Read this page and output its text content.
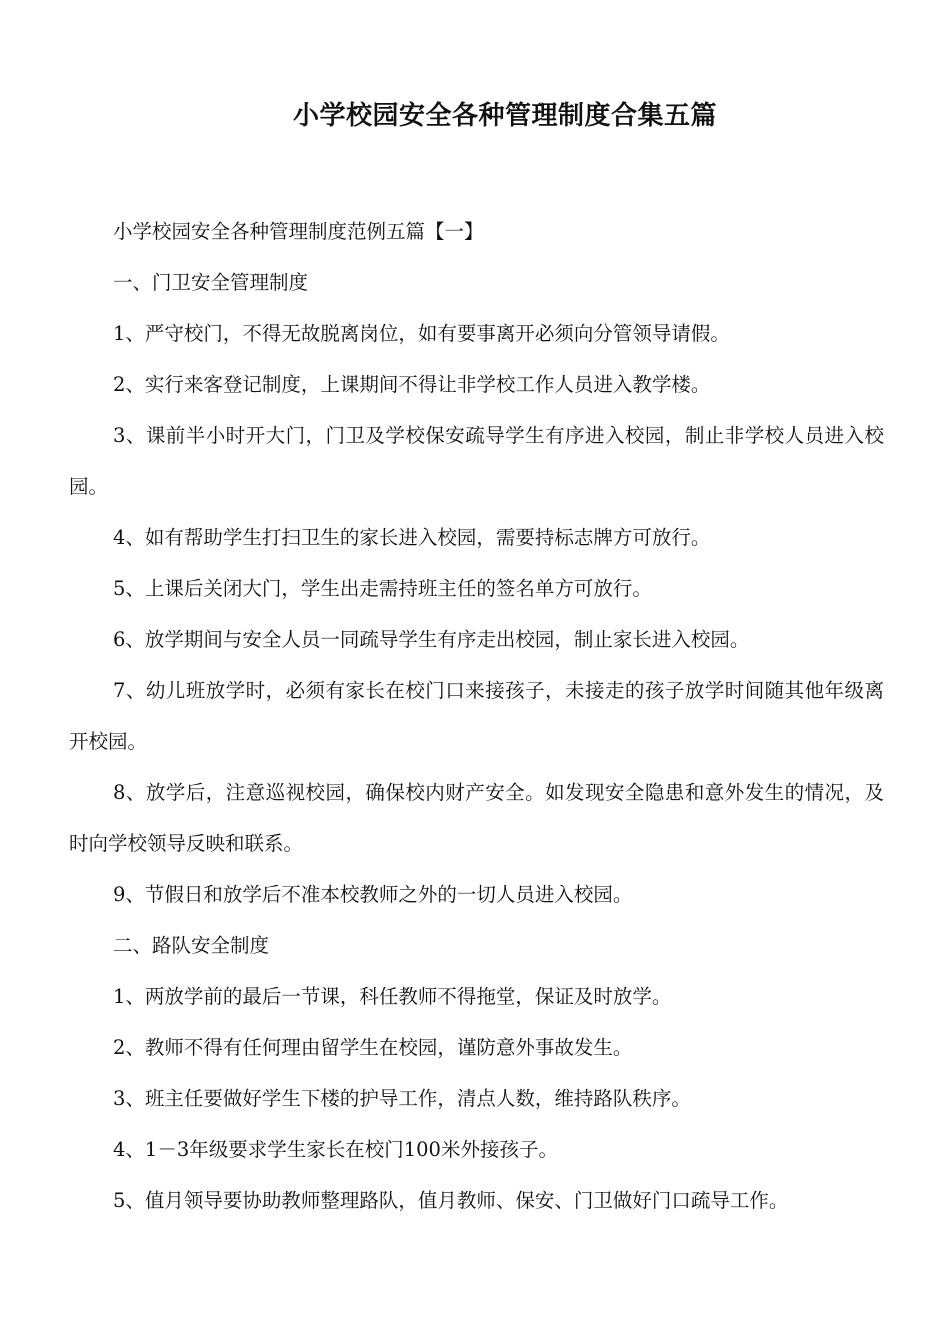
小学校园安全各种管理制度合集五篇

小学校园安全各种管理制度范例五篇【一】

一、门卫安全管理制度

1、严守校门，不得无故脱离岗位，如有要事离开必须向分管领导请假。

2、实行来客登记制度，上课期间不得让非学校工作人员进入教学楼。

3、课前半小时开大门，门卫及学校保安疏导学生有序进入校园，制止非学校人员进入校园。

4、如有帮助学生打扫卫生的家长进入校园，需要持标志牌方可放行。

5、上课后关闭大门，学生出走需持班主任的签名单方可放行。

6、放学期间与安全人员一同疏导学生有序走出校园，制止家长进入校园。

7、幼儿班放学时，必须有家长在校门口来接孩子，未接走的孩子放学时间随其他年级离开校园。

8、放学后，注意巡视校园，确保校内财产安全。如发现安全隐患和意外发生的情况，及时向学校领导反映和联系。

9、节假日和放学后不准本校教师之外的一切人员进入校园。

二、路队安全制度

1、两放学前的最后一节课，科任教师不得拖堂，保证及时放学。

2、教师不得有任何理由留学生在校园，谨防意外事故发生。

3、班主任要做好学生下楼的护导工作，清点人数，维持路队秩序。

4、1－3年级要求学生家长在校门100米外接孩子。

5、值月领导要协助教师整理路队，值月教师、保安、门卫做好门口疏导工作。
